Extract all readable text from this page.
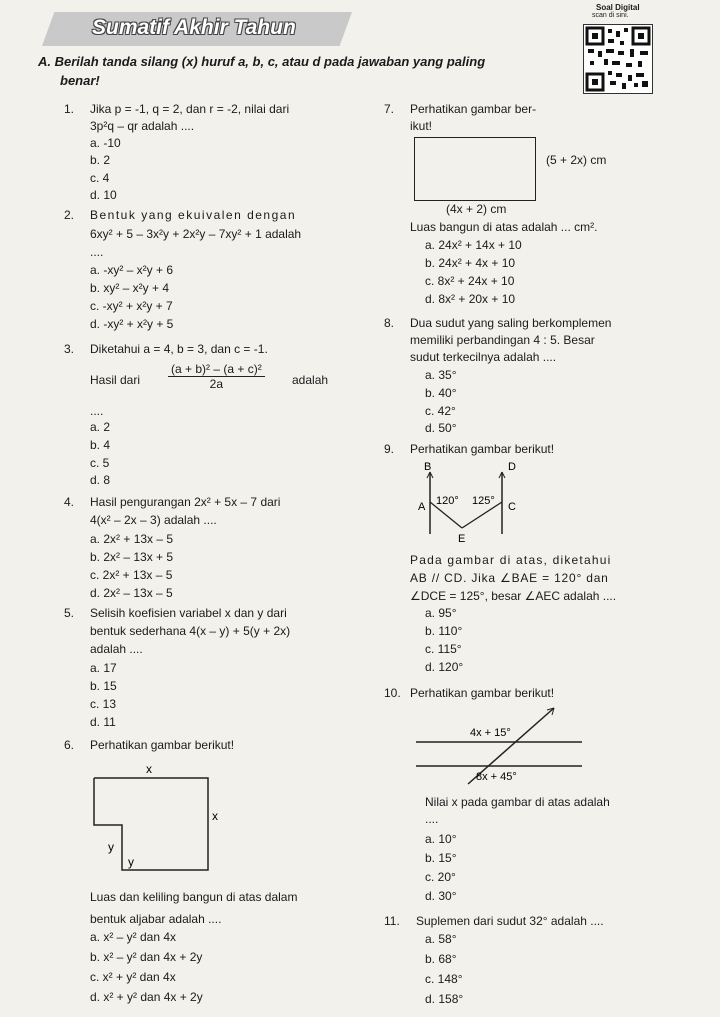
Sumatif Akhir Tahun
Soal Digital
scan di sini.
A. Berilah tanda silang (x) huruf a, b, c, atau d pada jawaban yang paling
benar!
1. Jika p = -1, q = 2, dan r = -2, nilai dari
3p²q – qr adalah ....
a. -10
b. 2
c. 4
d. 10
2. Bentuk yang ekuivalen dengan
6xy² + 5 – 3x²y + 2x²y – 7xy² + 1 adalah
....
a. -xy² – x²y + 6
b. xy² – x²y + 4
c. -xy² + x²y + 7
d. -xy² + x²y + 5
3. Diketahui a = 4, b = 3, dan c = -1.
Hasil dari $\frac{\text{(a + b)² – (a + c)²}}{2a}$ adalah
....
a. 2
b. 4
c. 5
d. 8
4. Hasil pengurangan 2x² + 5x – 7 dari
4(x² – 2x – 3) adalah ....
a. 2x² + 13x – 5
b. 2x² – 13x + 5
c. 2x² + 13x – 5
d. 2x² – 13x – 5
5. Selisih koefisien variabel x dan y dari
bentuk sederhana 4(x – y) + 5(y + 2x)
adalah ....
a. 17
b. 15
c. 13
d. 11
6. Perhatikan gambar berikut!
x
x
y
y
Luas dan keliling bangun di atas dalam
bentuk aljabar adalah ....
a. x² – y² dan 4x
b. x² – y² dan 4x + 2y
c. x² + y² dan 4x
d. x² + y² dan 4x + 2y
7. Perhatikan gambar ber-
ikut!
(5 + 2x) cm
(4x + 2) cm
Luas bangun di atas adalah ... cm².
a. 24x² + 14x + 10
b. 24x² + 4x + 10
c. 8x² + 24x + 10
d. 8x² + 20x + 10
8. Dua sudut yang saling berkomplemen
memiliki perbandingan 4 : 5. Besar
sudut terkecilnya adalah ....
a. 35°
b. 40°
c. 42°
d. 50°
9. Perhatikan gambar berikut!
B	D
A	C
E
120° 125°
Pada gambar di atas, diketahui
AB // CD. Jika ∠BAE = 120° dan
∠DCE = 125°, besar ∠AEC adalah ....
a. 95°
b. 110°
c. 115°
d. 120°
10. Perhatikan gambar berikut!
4x + 15°
8x + 45°
Nilai x pada gambar di atas adalah
....
a. 10°
b. 15°
c. 20°
d. 30°
11. Suplemen dari sudut 32° adalah ....
a. 58°
b. 68°
c. 148°
d. 158°
